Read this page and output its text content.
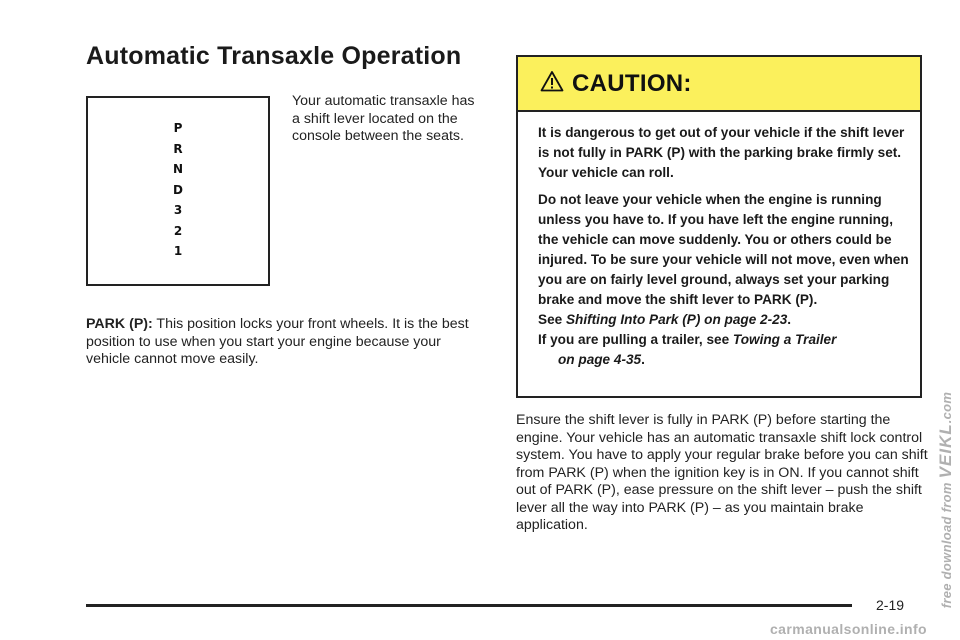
Automatic Transaxle Operation
P
R
N
D
3
2
1
Your automatic transaxle has a shift lever located on the console between the seats.
PARK (P): This position locks your front wheels. It is the best position to use when you start your engine because your vehicle cannot move easily.
CAUTION:

It is dangerous to get out of your vehicle if the shift lever is not fully in PARK (P) with the parking brake firmly set. Your vehicle can roll.

Do not leave your vehicle when the engine is running unless you have to. If you have left the engine running, the vehicle can move suddenly. You or others could be injured. To be sure your vehicle will not move, even when you are on fairly level ground, always set your parking brake and move the shift lever to PARK (P).
See Shifting Into Park (P) on page 2-23.
If you are pulling a trailer, see Towing a Trailer
on page 4-35.

Ensure the shift lever is fully in PARK (P) before starting the engine. Your vehicle has an automatic transaxle shift lock control system. You have to apply your regular brake before you can shift from PARK (P) when the ignition key is in ON. If you cannot shift out of PARK (P), ease pressure on the shift lever – push the shift lever all the way into PARK (P) – as you maintain brake application.
2-19	free download from VEIKL.com
carmanualsonline.info
